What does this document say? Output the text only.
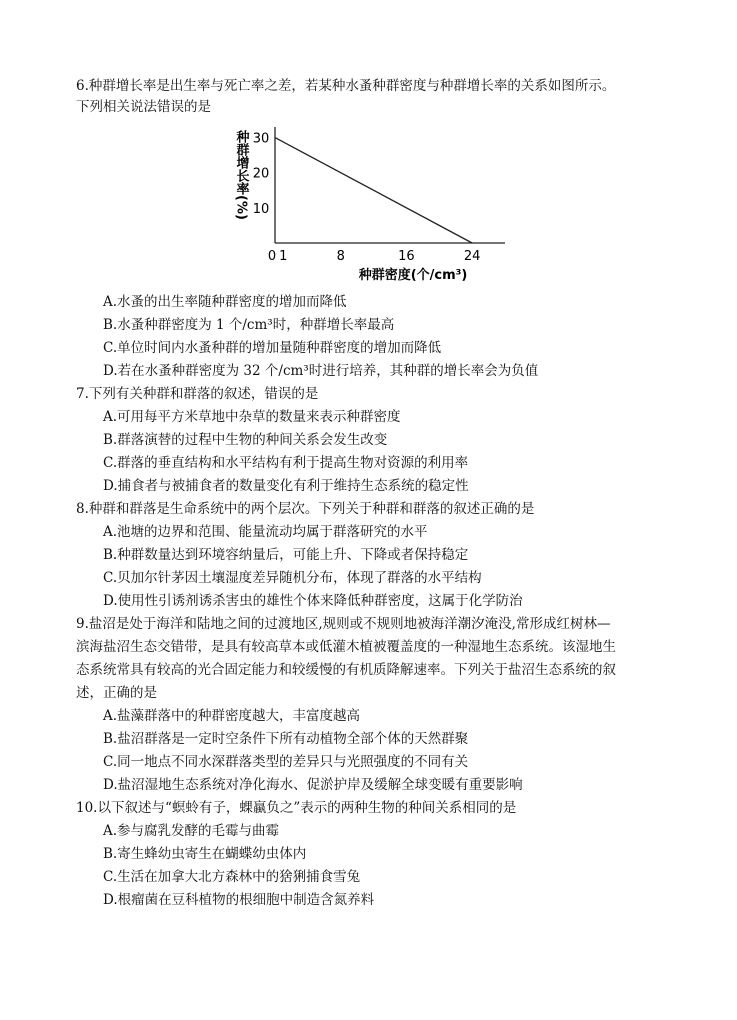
6.种群增长率是出生率与死亡率之差，若某种水蚤种群密度与种群增长率的关系如图所示。
下列相关说法错误的是
0 1	8	16	24
10
20
30
种群增长率(%)
种群密度(个/cm³)
A.水蚤的出生率随种群密度的增加而降低
B.水蚤种群密度为 1 个/cm³时，种群增长率最高
C.单位时间内水蚤种群的增加量随种群密度的增加而降低
D.若在水蚤种群密度为 32 个/cm³时进行培养，其种群的增长率会为负值
7.下列有关种群和群落的叙述，错误的是
A.可用每平方米草地中杂草的数量来表示种群密度
B.群落演替的过程中生物的种间关系会发生改变
C.群落的垂直结构和水平结构有利于提高生物对资源的利用率
D.捕食者与被捕食者的数量变化有利于维持生态系统的稳定性
8.种群和群落是生命系统中的两个层次。下列关于种群和群落的叙述正确的是
A.池塘的边界和范围、能量流动均属于群落研究的水平
B.种群数量达到环境容纳量后，可能上升、下降或者保持稳定
C.贝加尔针茅因土壤湿度差异随机分布，体现了群落的水平结构
D.使用性引诱剂诱杀害虫的雄性个体来降低种群密度，这属于化学防治
9.盐沼是处于海洋和陆地之间的过渡地区,规则或不规则地被海洋潮汐淹没,常形成红树林—
滨海盐沼生态交错带，是具有较高草本或低灌木植被覆盖度的一种湿地生态系统。该湿地生
态系统常具有较高的光合固定能力和较缓慢的有机质降解速率。下列关于盐沼生态系统的叙
述，正确的是
A.盐藻群落中的种群密度越大，丰富度越高
B.盐沼群落是一定时空条件下所有动植物全部个体的天然群聚
C.同一地点不同水深群落类型的差异只与光照强度的不同有关
D.盐沼湿地生态系统对净化海水、促淤护岸及缓解全球变暖有重要影响
10.以下叙述与“螟蛉有子，蜾蠃负之”表示的两种生物的种间关系相同的是
A.参与腐乳发酵的毛霉与曲霉
B.寄生蜂幼虫寄生在蝴蝶幼虫体内
C.生活在加拿大北方森林中的猞猁捕食雪兔
D.根瘤菌在豆科植物的根细胞中制造含氮养料
